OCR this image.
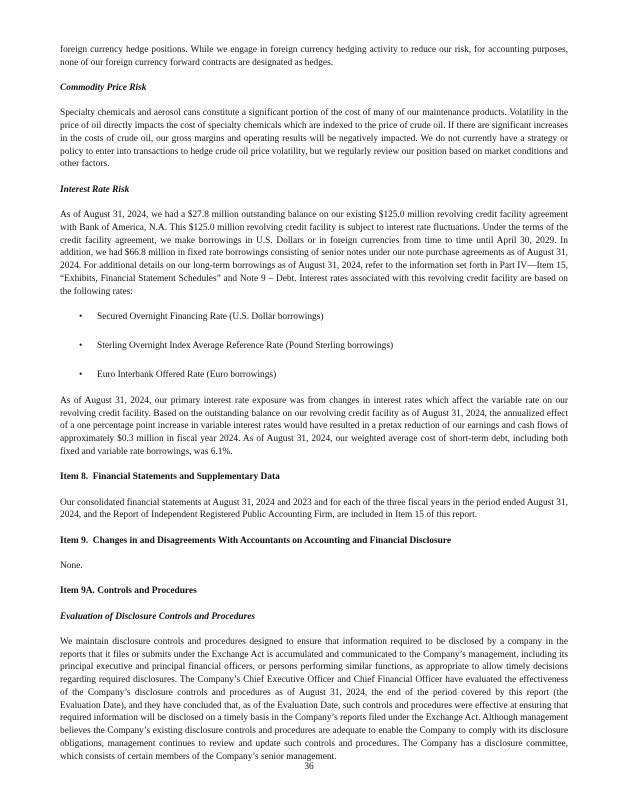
foreign currency hedge positions. While we engage in foreign currency hedging activity to reduce our risk, for accounting purposes, none of our foreign currency forward contracts are designated as hedges.

Commodity Price Risk

Specialty chemicals and aerosol cans constitute a significant portion of the cost of many of our maintenance products. Volatility in the price of oil directly impacts the cost of specialty chemicals which are indexed to the price of crude oil. If there are significant increases in the costs of crude oil, our gross margins and operating results will be negatively impacted. We do not currently have a strategy or policy to enter into transactions to hedge crude oil price volatility, but we regularly review our position based on market conditions and other factors.

Interest Rate Risk

As of August 31, 2024, we had a $27.8 million outstanding balance on our existing $125.0 million revolving credit facility agreement with Bank of America, N.A. This $125.0 million revolving credit facility is subject to interest rate fluctuations. Under the terms of the credit facility agreement, we make borrowings in U.S. Dollars or in foreign currencies from time to time until April 30, 2029. In addition, we had $66.8 million in fixed rate borrowings consisting of senior notes under our note purchase agreements as of August 31, 2024. For additional details on our long-term borrowings as of August 31, 2024, refer to the information set forth in Part IV—Item 15, “Exhibits, Financial Statement Schedules” and Note 9 – Debt. Interest rates associated with this revolving credit facility are based on the following rates:

• Secured Overnight Financing Rate (U.S. Dollar borrowings)
• Sterling Overnight Index Average Reference Rate (Pound Sterling borrowings)
• Euro Interbank Offered Rate (Euro borrowings)

As of August 31, 2024, our primary interest rate exposure was from changes in interest rates which affect the variable rate on our revolving credit facility. Based on the outstanding balance on our revolving credit facility as of August 31, 2024, the annualized effect of a one percentage point increase in variable interest rates would have resulted in a pretax reduction of our earnings and cash flows of approximately $0.3 million in fiscal year 2024. As of August 31, 2024, our weighted average cost of short-term debt, including both fixed and variable rate borrowings, was 6.1%.

Item 8.  Financial Statements and Supplementary Data

Our consolidated financial statements at August 31, 2024 and 2023 and for each of the three fiscal years in the period ended August 31, 2024, and the Report of Independent Registered Public Accounting Firm, are included in Item 15 of this report.

Item 9.  Changes in and Disagreements With Accountants on Accounting and Financial Disclosure

None.

Item 9A. Controls and Procedures
Evaluation of Disclosure Controls and Procedures

We maintain disclosure controls and procedures designed to ensure that information required to be disclosed by a company in the reports that it files or submits under the Exchange Act is accumulated and communicated to the Company’s management, including its principal executive and principal financial officers, or persons performing similar functions, as appropriate to allow timely decisions regarding required disclosures. The Company’s Chief Executive Officer and Chief Financial Officer have evaluated the effectiveness of the Company’s disclosure controls and procedures as of August 31, 2024, the end of the period covered by this report (the Evaluation Date), and they have concluded that, as of the Evaluation Date, such controls and procedures were effective at ensuring that required information will be disclosed on a timely basis in the Company’s reports filed under the Exchange Act. Although management believes the Company’s existing disclosure controls and procedures are adequate to enable the Company to comply with its disclosure obligations, management continues to review and update such controls and procedures. The Company has a disclosure committee, which consists of certain members of the Company’s senior management.

36
